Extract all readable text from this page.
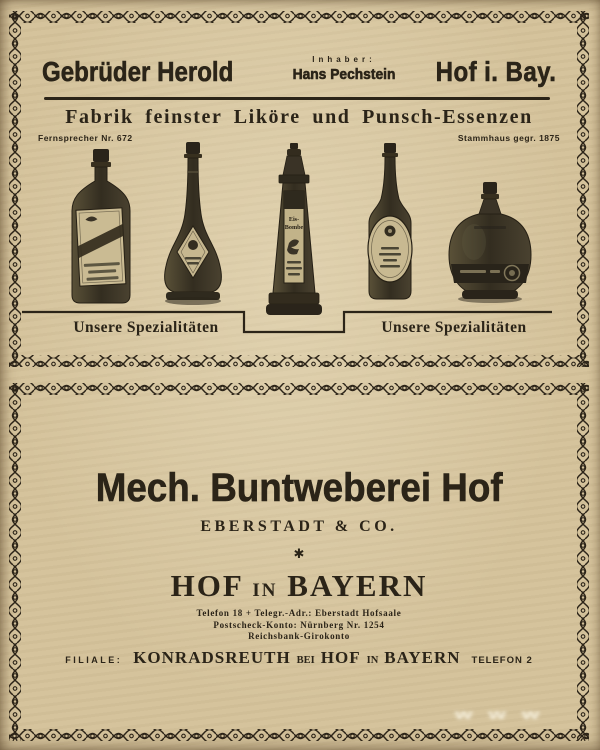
Gebrüder Herold	Inhaber:
Hans Pechstein Hof i. Bay.
Fabrik feinster Liköre und Punsch-Essenzen
Fernsprecher Nr. 672	Stammhaus gegr. 1875
Eis-
Bombe
Unsere Spezialitäten	Unsere Spezialitäten
Mech. Buntweberei Hof
EBERSTADT & CO.
✱
HOF IN BAYERN
Telefon 18 + Telegr.-Adr.: Eberstadt Hofsaale
Postscheck-Konto: Nürnberg Nr. 1254
Reichsbank-Girokonto
FILIALE: KONRADSREUTH BEI HOF IN BAYERN TELEFON 2
www
